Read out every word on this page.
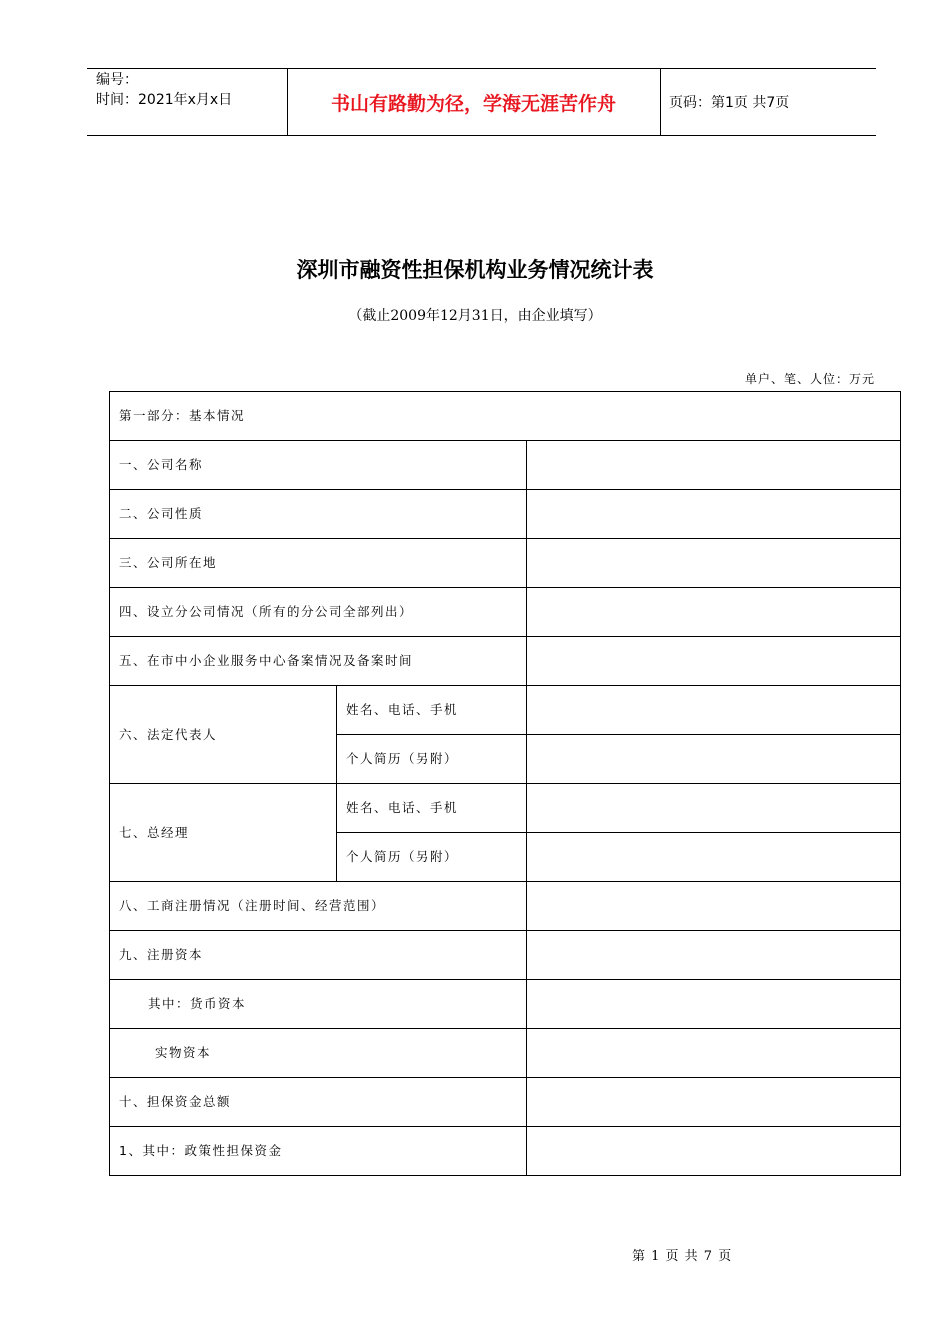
编号：
时间：2021年x月x日	书山有路勤为径，学海无涯苦作舟	页码：第1页 共7页
深圳市融资性担保机构业务情况统计表
（截止2009年12月31日，由企业填写）
单户、笔、人位：万元
第一部分：基本情况		
一、公司名称		
二、公司性质		
三、公司所在地		
四、设立分公司情况（所有的分公司全部列出）		
五、在市中小企业服务中心备案情况及备案时间		
六、法定代表人	姓名、电话、手机	
	个人简历（另附）	
七、总经理	姓名、电话、手机	
	个人简历（另附）	
八、工商注册情况（注册时间、经营范围）		
九、注册资本		
其中：货币资本		
实物资本		
十、担保资金总额		
1、其中：政策性担保资金		
第 1 页 共 7 页
